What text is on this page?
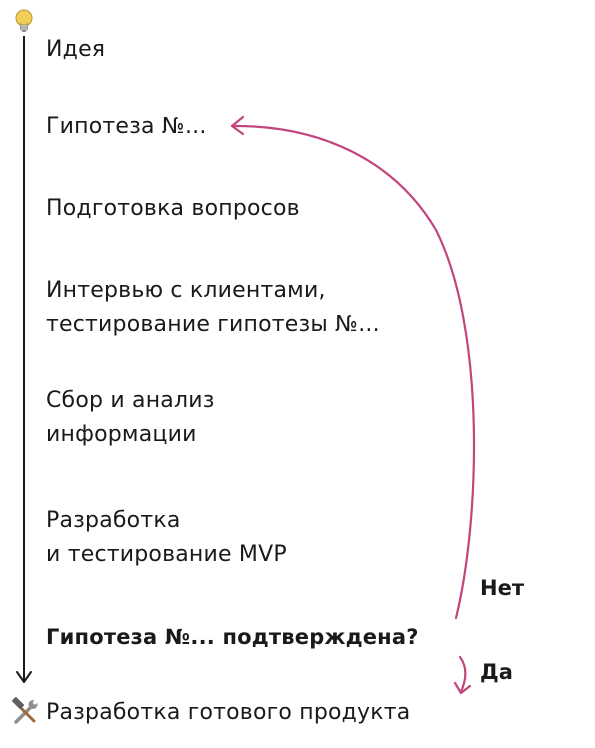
Идея
Гипотеза №...
Подготовка вопросов
Интервью с клиентами,
тестирование гипотезы №...
Сбор и анализ
информации
Разработка
и тестирование MVP
Гипотеза №... подтверждена?
Разработка готового продукта
Нет
Да
